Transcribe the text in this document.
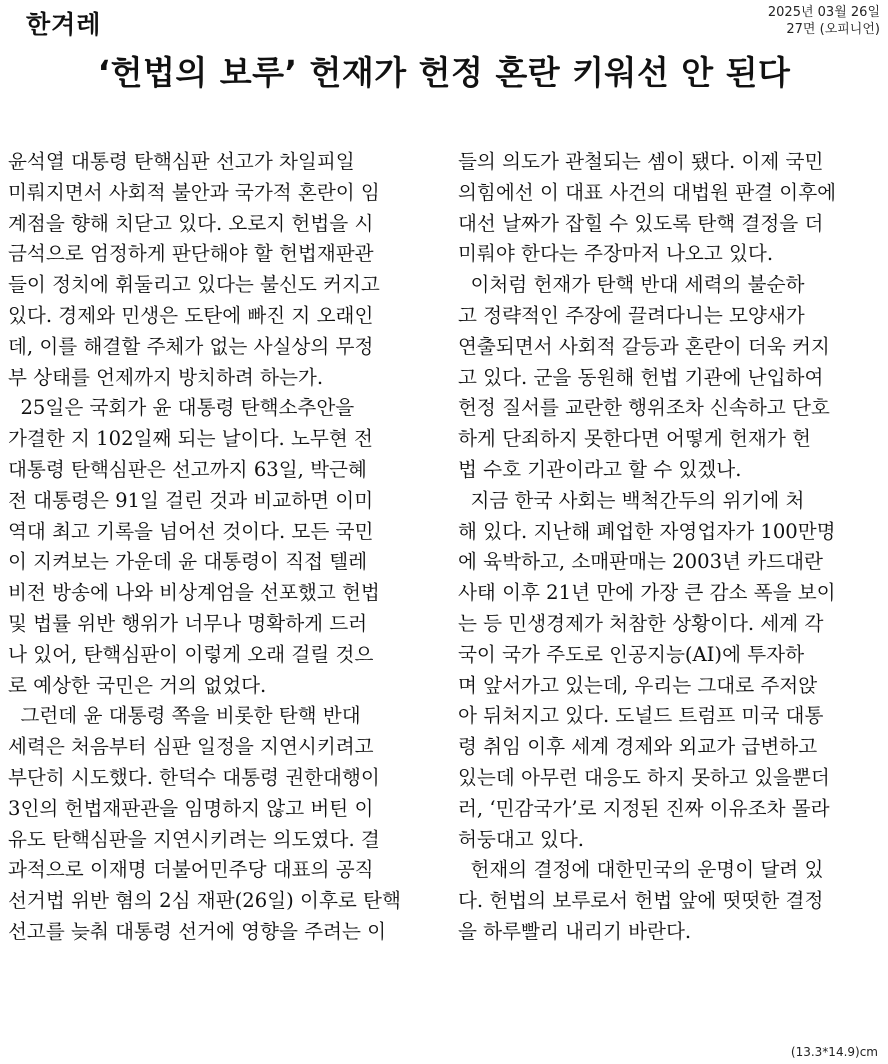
한겨레	2025년 03월 26일
27면 (오피니언)
‘헌법의 보루’ 헌재가 헌정 혼란 키워선 안 된다
윤석열 대통령 탄핵심판 선고가 차일피일
미뤄지면서 사회적 불안과 국가적 혼란이 임
계점을 향해 치닫고 있다. 오로지 헌법을 시
금석으로 엄정하게 판단해야 할 헌법재판관
들이 정치에 휘둘리고 있다는 불신도 커지고
있다. 경제와 민생은 도탄에 빠진 지 오래인
데, 이를 해결할 주체가 없는 사실상의 무정
부 상태를 언제까지 방치하려 하는가.
25일은 국회가 윤 대통령 탄핵소추안을
가결한 지 102일째 되는 날이다. 노무현 전
대통령 탄핵심판은 선고까지 63일, 박근혜
전 대통령은 91일 걸린 것과 비교하면 이미
역대 최고 기록을 넘어선 것이다. 모든 국민
이 지켜보는 가운데 윤 대통령이 직접 텔레
비전 방송에 나와 비상계엄을 선포했고 헌법
및 법률 위반 행위가 너무나 명확하게 드러
나 있어, 탄핵심판이 이렇게 오래 걸릴 것으
로 예상한 국민은 거의 없었다.
그런데 윤 대통령 쪽을 비롯한 탄핵 반대
세력은 처음부터 심판 일정을 지연시키려고
부단히 시도했다. 한덕수 대통령 권한대행이
3인의 헌법재판관을 임명하지 않고 버틴 이
유도 탄핵심판을 지연시키려는 의도였다. 결
과적으로 이재명 더불어민주당 대표의 공직
선거법 위반 혐의 2심 재판(26일) 이후로 탄핵
선고를 늦춰 대통령 선거에 영향을 주려는 이
들의 의도가 관철되는 셈이 됐다. 이제 국민
의힘에선 이 대표 사건의 대법원 판결 이후에
대선 날짜가 잡힐 수 있도록 탄핵 결정을 더
미뤄야 한다는 주장마저 나오고 있다.
이처럼 헌재가 탄핵 반대 세력의 불순하
고 정략적인 주장에 끌려다니는 모양새가
연출되면서 사회적 갈등과 혼란이 더욱 커지
고 있다. 군을 동원해 헌법 기관에 난입하여
헌정 질서를 교란한 행위조차 신속하고 단호
하게 단죄하지 못한다면 어떻게 헌재가 헌
법 수호 기관이라고 할 수 있겠나.
지금 한국 사회는 백척간두의 위기에 처
해 있다. 지난해 폐업한 자영업자가 100만명
에 육박하고, 소매판매는 2003년 카드대란
사태 이후 21년 만에 가장 큰 감소 폭을 보이
는 등 민생경제가 처참한 상황이다. 세계 각
국이 국가 주도로 인공지능(AI)에 투자하
며 앞서가고 있는데, 우리는 그대로 주저앉
아 뒤처지고 있다. 도널드 트럼프 미국 대통
령 취임 이후 세계 경제와 외교가 급변하고
있는데 아무런 대응도 하지 못하고 있을뿐더
러, ‘민감국가’로 지정된 진짜 이유조차 몰라
허둥대고 있다.
헌재의 결정에 대한민국의 운명이 달려 있
다. 헌법의 보루로서 헌법 앞에 떳떳한 결정
을 하루빨리 내리기 바란다.
(13.3*14.9)cm
